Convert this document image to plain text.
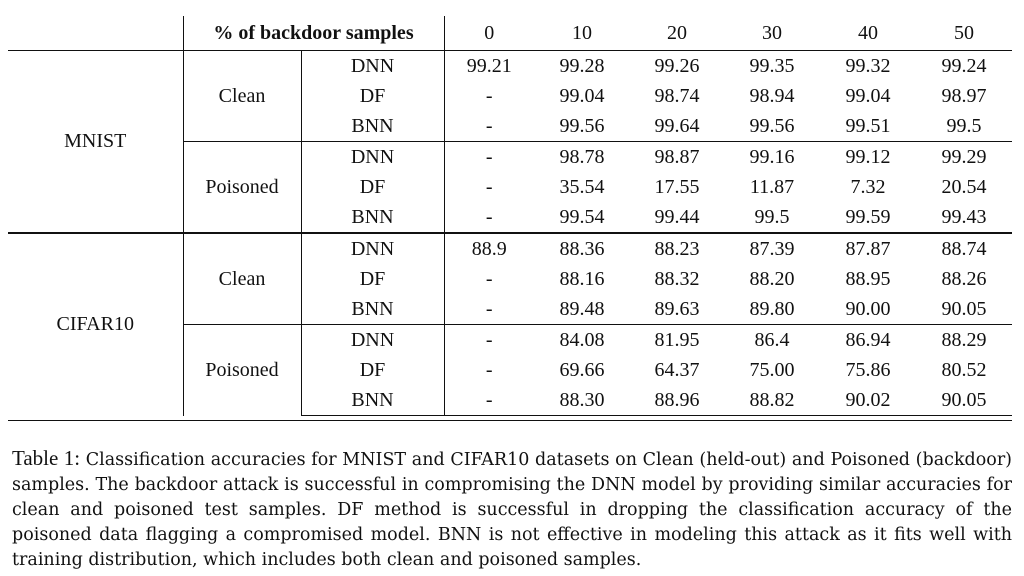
	% of backdoor samples		0	10	20	30	40	50
MNIST	Clean	DNN	99.21	99.28	99.26	99.35	99.32	99.24
		DF	-	99.04	98.74	98.94	99.04	98.97
		BNN	-	99.56	99.64	99.56	99.51	99.5
	Poisoned	DNN	-	98.78	98.87	99.16	99.12	99.29
		DF	-	35.54	17.55	11.87	7.32	20.54
		BNN	-	99.54	99.44	99.5	99.59	99.43
CIFAR10	Clean	DNN	88.9	88.36	88.23	87.39	87.87	88.74
		DF	-	88.16	88.32	88.20	88.95	88.26
		BNN	-	89.48	89.63	89.80	90.00	90.05
	Poisoned	DNN	-	84.08	81.95	86.4	86.94	88.29
		DF	-	69.66	64.37	75.00	75.86	80.52
		BNN	-	88.30	88.96	88.82	90.02	90.05

Table 1: Classification accuracies for MNIST and CIFAR10 datasets on Clean (held-out) and Poisoned (backdoor) samples. The backdoor attack is successful in compromising the DNN model by providing similar accuracies for clean and poisoned test samples. DF method is successful in dropping the classification accuracy of the poisoned data flagging a compromised model. BNN is not effective in modeling this attack as it fits well with training distribution, which includes both clean and poisoned samples.
